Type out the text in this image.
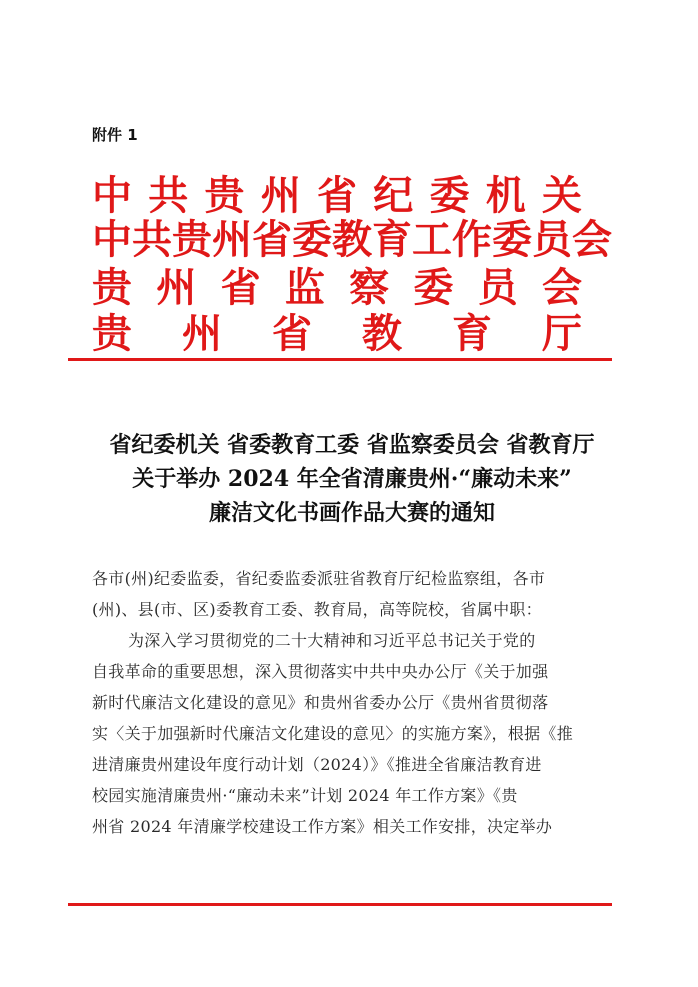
附件 1
中 共 贵 州 省 纪 委 机 关
中 共 贵 州 省 委 教 育 工 作 委 员 会
贵 州 省 监 察 委 员 会
贵 州 省 教 育 厅
省纪委机关 省委教育工委 省监察委员会 省教育厅
关于举办 2024 年全省清廉贵州·“廉动未来”
廉洁文化书画作品大赛的通知
各市(州)纪委监委，省纪委监委派驻省教育厅纪检监察组，各市
(州)、县(市、区)委教育工委、教育局，高等院校，省属中职：
为深入学习贯彻党的二十大精神和习近平总书记关于党的
自我革命的重要思想，深入贯彻落实中共中央办公厅《关于加强
新时代廉洁文化建设的意见》和贵州省委办公厅《贵州省贯彻落
实〈关于加强新时代廉洁文化建设的意见〉的实施方案》，根据《推
进清廉贵州建设年度行动计划（2024）》《推进全省廉洁教育进
校园实施清廉贵州·“廉动未来”计划 2024 年工作方案》《贵
州省 2024 年清廉学校建设工作方案》相关工作安排，决定举办
